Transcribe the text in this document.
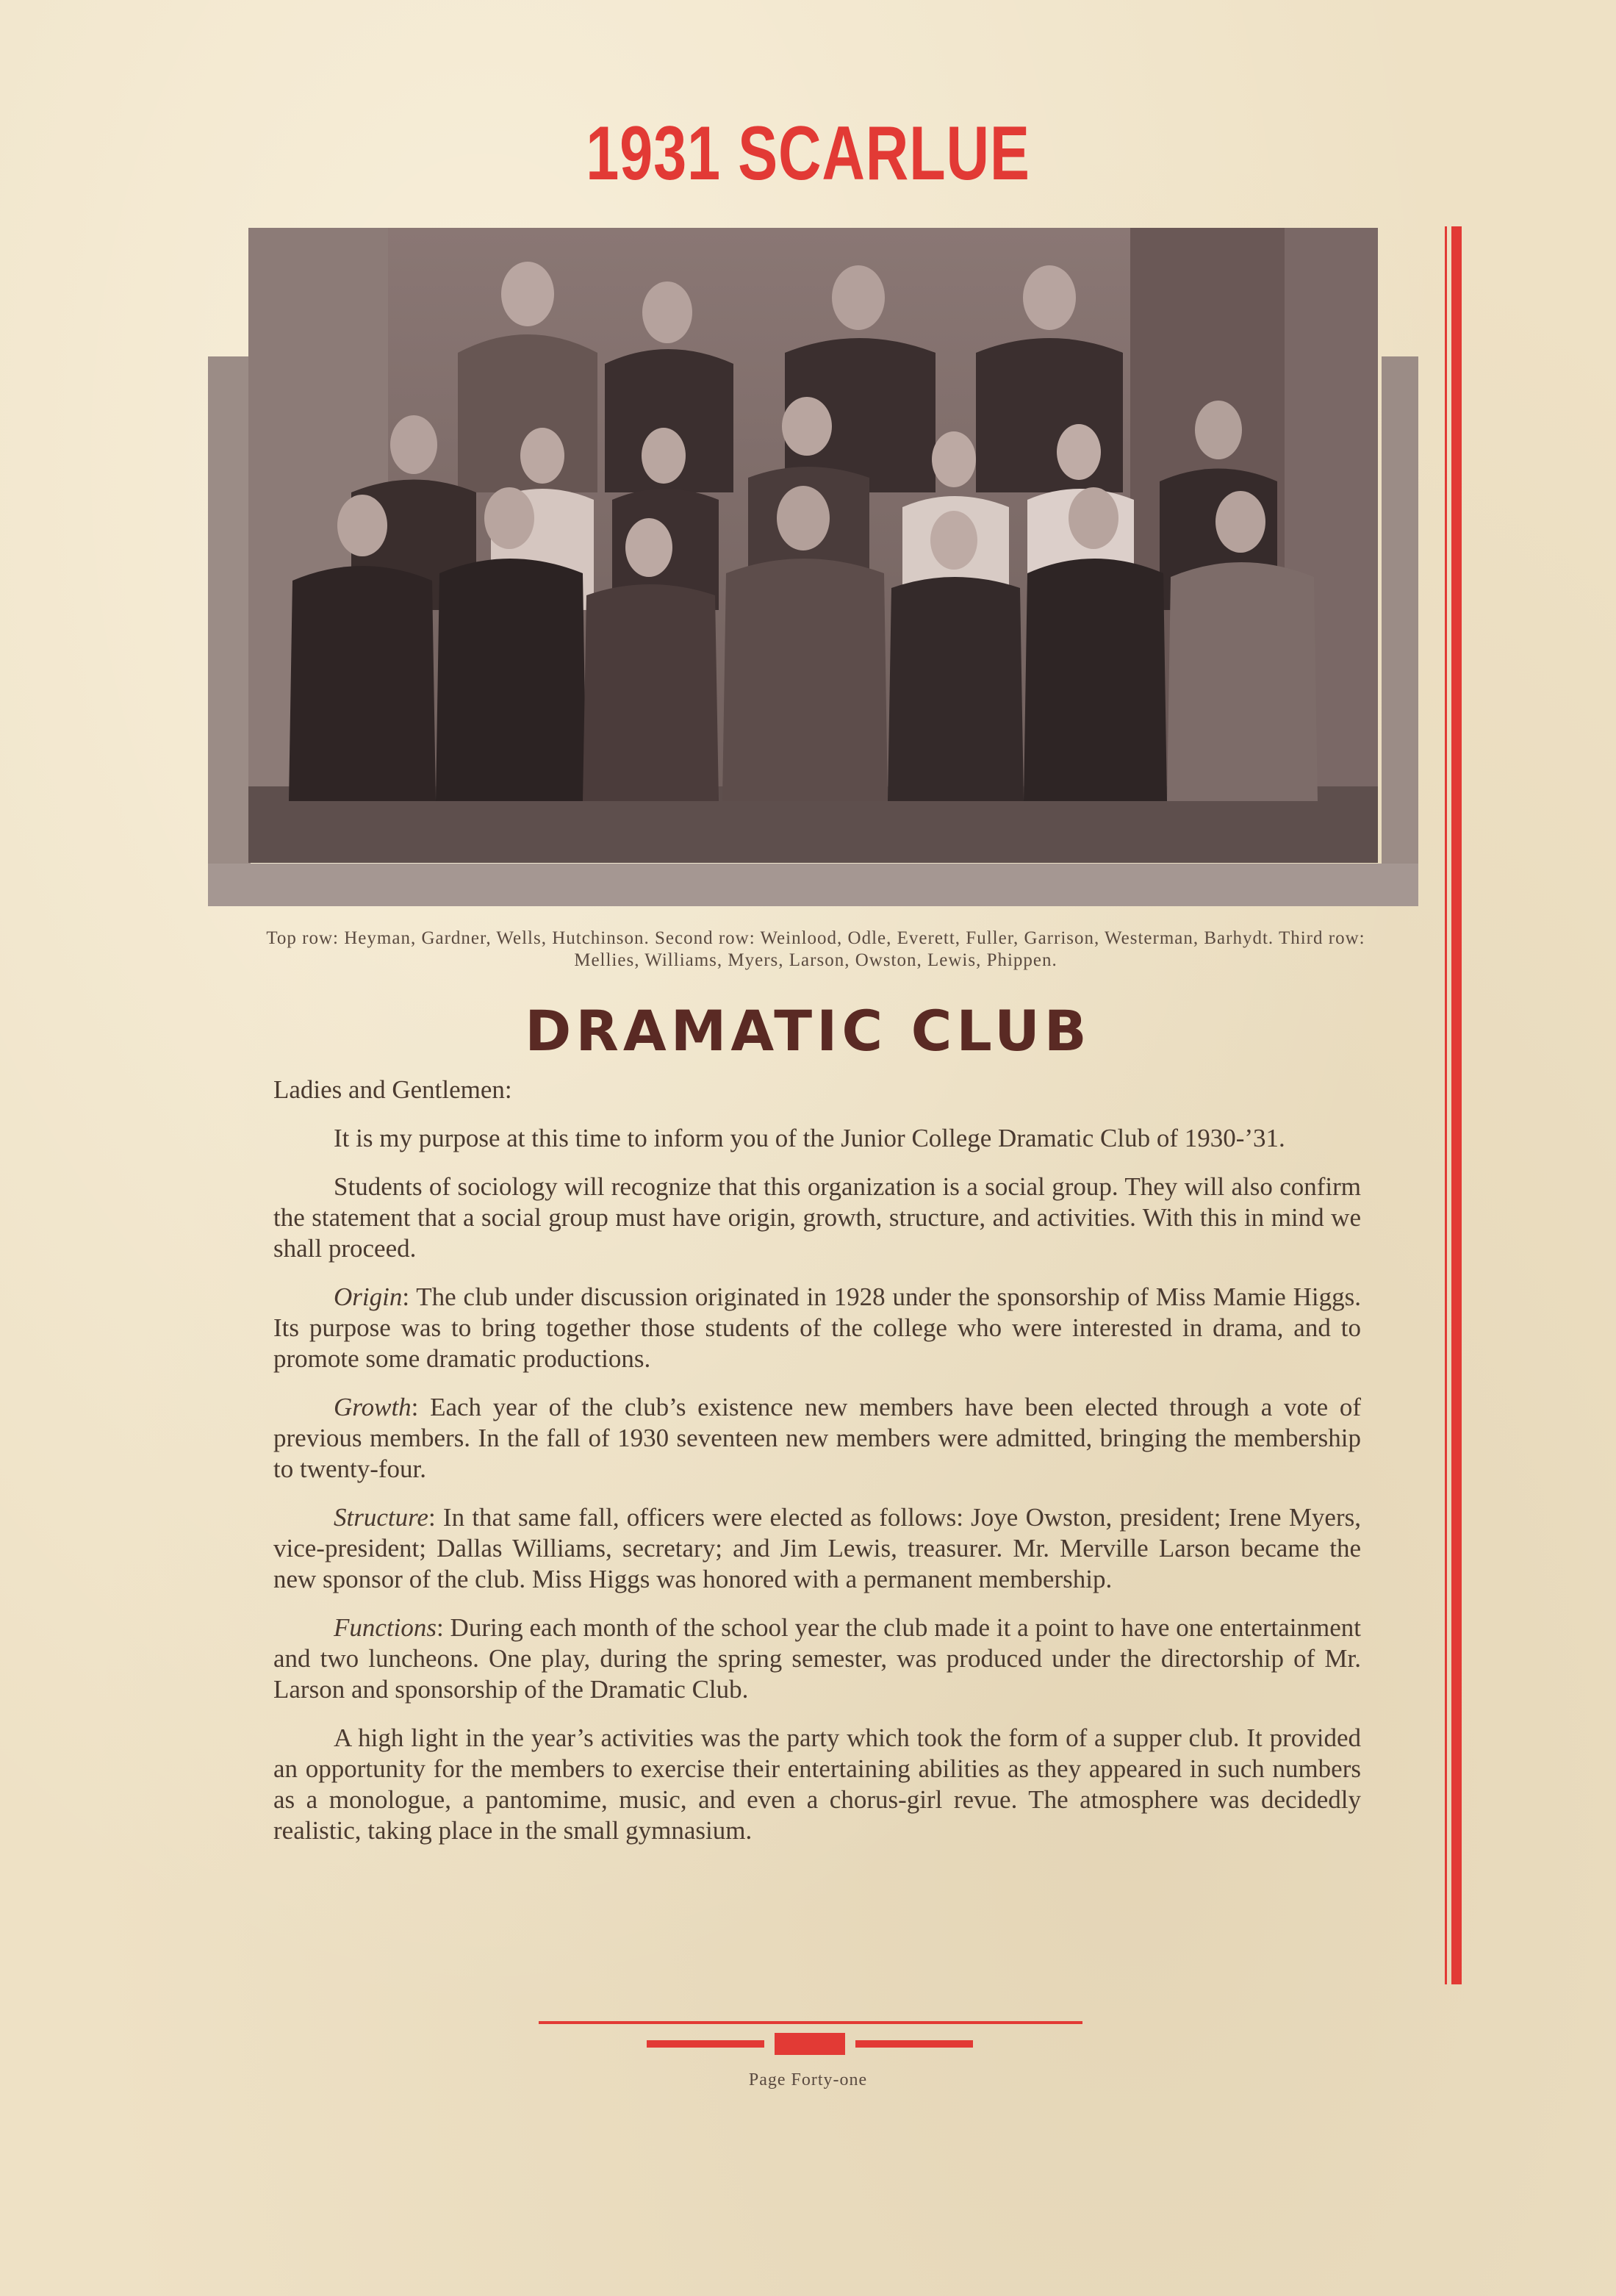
1931 SCARLUE
Top row: Heyman, Gardner, Wells, Hutchinson. Second row: Weinlood, Odle, Everett, Fuller, Garrison, Westerman, Barhydt. Third row: Mellies, Williams, Myers, Larson, Owston, Lewis, Phippen.
DRAMATIC CLUB

Ladies and Gentlemen:

It is my purpose at this time to inform you of the Junior College Dramatic Club of 1930-’31.

Students of sociology will recognize that this organization is a social group. They will also confirm the statement that a social group must have origin, growth, structure, and activities. With this in mind we shall proceed.

Origin: The club under discussion originated in 1928 under the sponsorship of Miss Mamie Higgs. Its purpose was to bring together those students of the college who were interested in drama, and to promote some dramatic productions.

Growth: Each year of the club’s existence new members have been elected through a vote of previous members. In the fall of 1930 seventeen new members were admitted, bringing the membership to twenty-four.

Structure: In that same fall, officers were elected as follows: Joye Owston, president; Irene Myers, vice-president; Dallas Williams, secretary; and Jim Lewis, treasurer. Mr. Merville Larson became the new sponsor of the club. Miss Higgs was honored with a permanent membership.

Functions: During each month of the school year the club made it a point to have one entertainment and two luncheons. One play, during the spring semester, was produced under the directorship of Mr. Larson and sponsorship of the Dramatic Club.

A high light in the year’s activities was the party which took the form of a supper club. It provided an opportunity for the members to exercise their entertaining abilities as they appeared in such numbers as a monologue, a pantomime, music, and even a chorus-girl revue. The atmosphere was decidedly realistic, taking place in the small gymnasium.

Page Forty-one
